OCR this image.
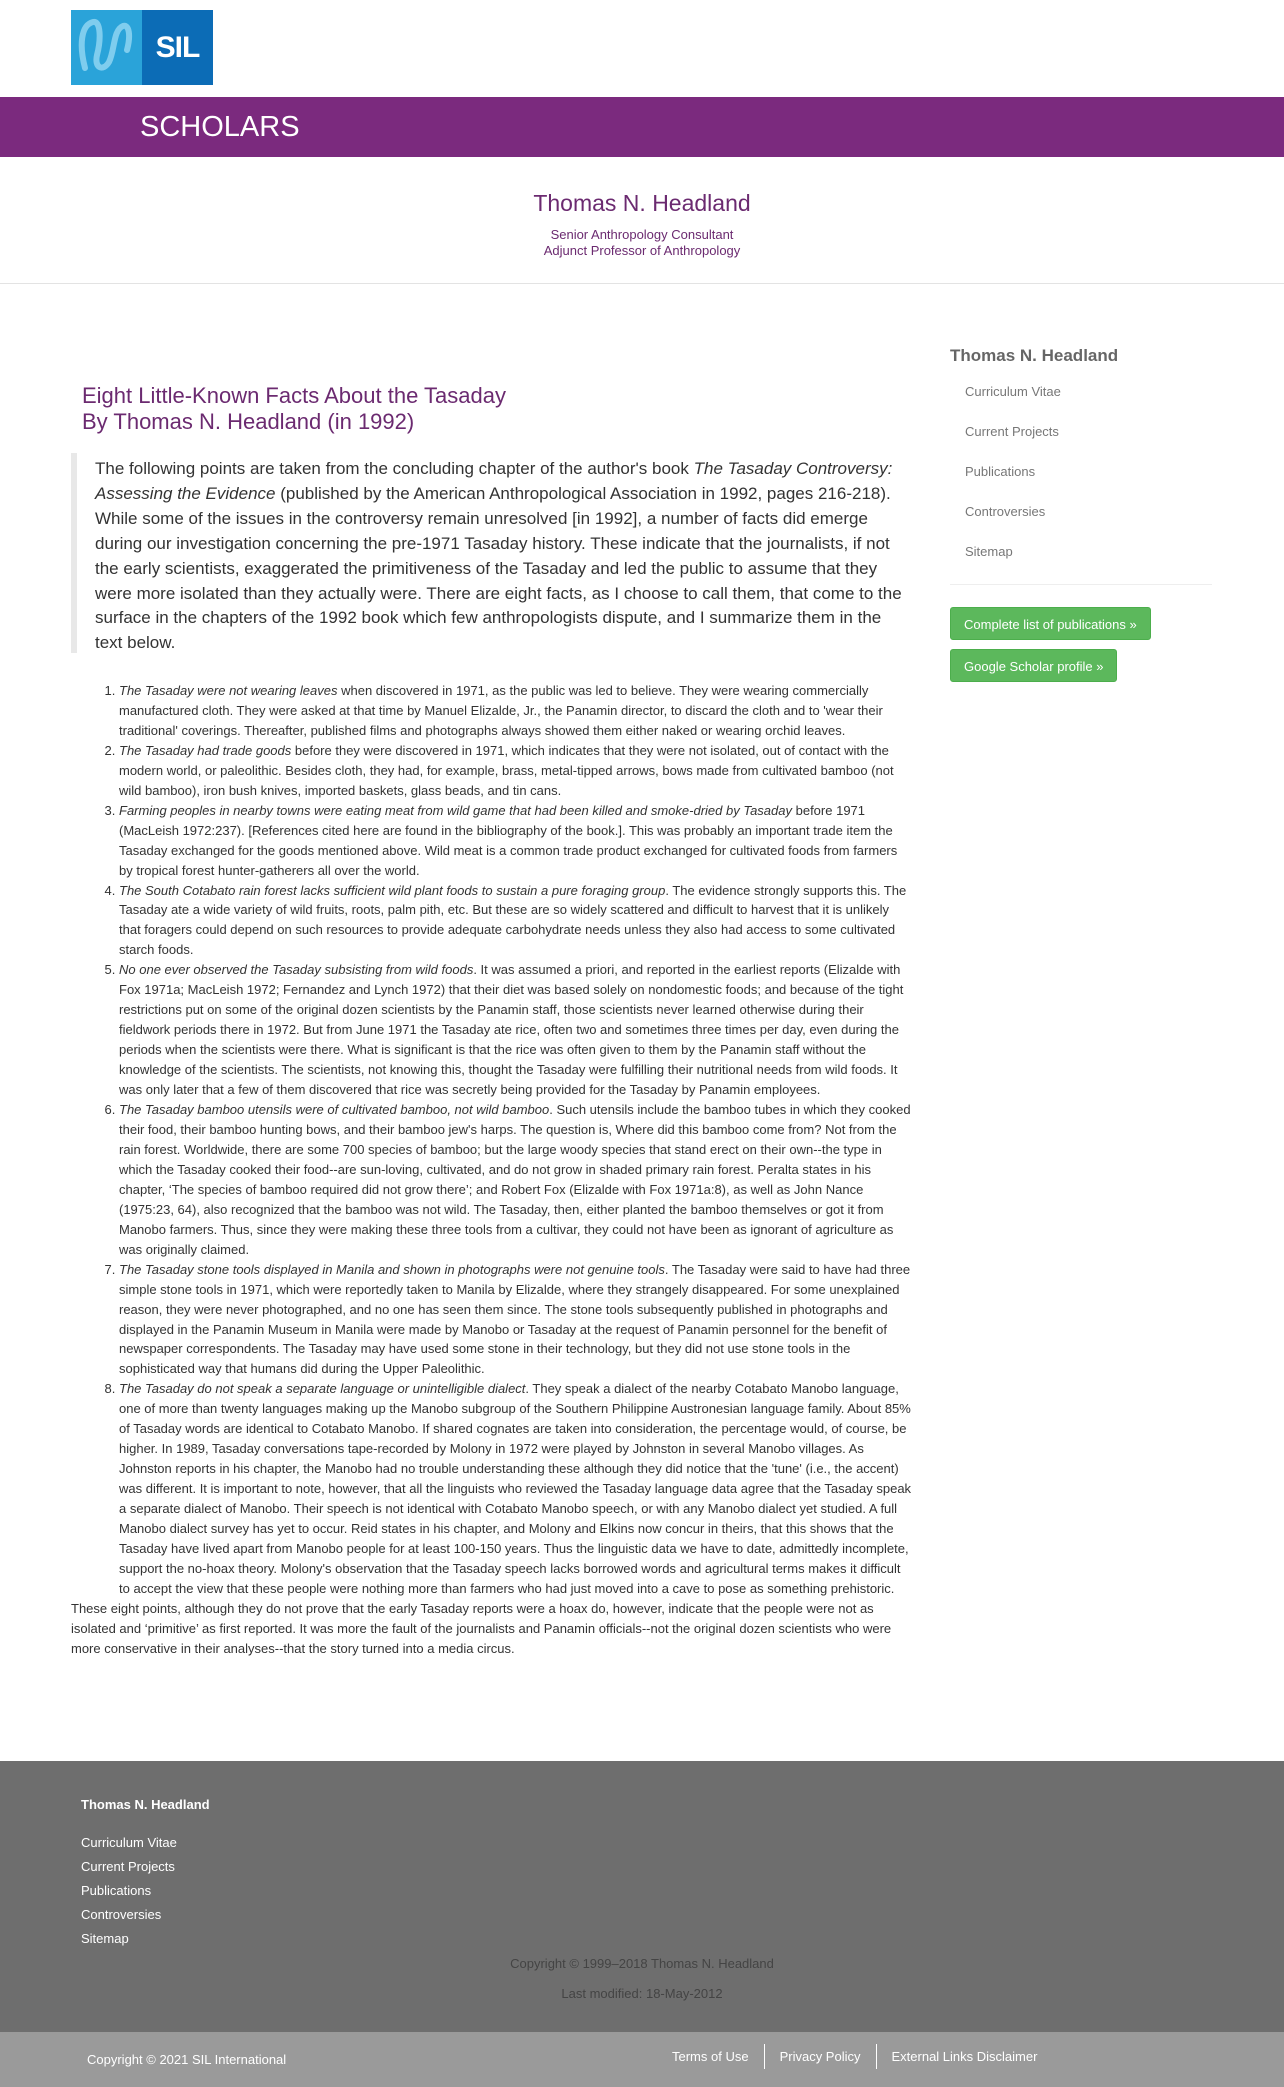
SIL
SCHOLARS
Thomas N. Headland
Senior Anthropology Consultant
Adjunct Professor of Anthropology
Eight Little-Known Facts About the Tasaday
By Thomas N. Headland (in 1992)
The following points are taken from the concluding chapter of the author's book The Tasaday Controversy: Assessing the Evidence (published by the American Anthropological Association in 1992, pages 216-218). While some of the issues in the controversy remain unresolved [in 1992], a number of facts did emerge during our investigation concerning the pre-1971 Tasaday history. These indicate that the journalists, if not the early scientists, exaggerated the primitiveness of the Tasaday and led the public to assume that they were more isolated than they actually were. There are eight facts, as I choose to call them, that come to the surface in the chapters of the 1992 book which few anthropologists dispute, and I summarize them in the text below.
1. The Tasaday were not wearing leaves when discovered in 1971, as the public was led to believe. They were wearing commercially manufactured cloth. They were asked at that time by Manuel Elizalde, Jr., the Panamin director, to discard the cloth and to 'wear their traditional' coverings. Thereafter, published films and photographs always showed them either naked or wearing orchid leaves.
2. The Tasaday had trade goods before they were discovered in 1971, which indicates that they were not isolated, out of contact with the modern world, or paleolithic. Besides cloth, they had, for example, brass, metal-tipped arrows, bows made from cultivated bamboo (not wild bamboo), iron bush knives, imported baskets, glass beads, and tin cans.
3. Farming peoples in nearby towns were eating meat from wild game that had been killed and smoke-dried by Tasaday before 1971 (MacLeish 1972:237). [References cited here are found in the bibliography of the book.]. This was probably an important trade item the Tasaday exchanged for the goods mentioned above. Wild meat is a common trade product exchanged for cultivated foods from farmers by tropical forest hunter-gatherers all over the world.
4. The South Cotabato rain forest lacks sufficient wild plant foods to sustain a pure foraging group. The evidence strongly supports this. The Tasaday ate a wide variety of wild fruits, roots, palm pith, etc. But these are so widely scattered and difficult to harvest that it is unlikely that foragers could depend on such resources to provide adequate carbohydrate needs unless they also had access to some cultivated starch foods.
5. No one ever observed the Tasaday subsisting from wild foods. It was assumed a priori, and reported in the earliest reports (Elizalde with Fox 1971a; MacLeish 1972; Fernandez and Lynch 1972) that their diet was based solely on nondomestic foods; and because of the tight restrictions put on some of the original dozen scientists by the Panamin staff, those scientists never learned otherwise during their fieldwork periods there in 1972. But from June 1971 the Tasaday ate rice, often two and sometimes three times per day, even during the periods when the scientists were there. What is significant is that the rice was often given to them by the Panamin staff without the knowledge of the scientists. The scientists, not knowing this, thought the Tasaday were fulfilling their nutritional needs from wild foods. It was only later that a few of them discovered that rice was secretly being provided for the Tasaday by Panamin employees.
6. The Tasaday bamboo utensils were of cultivated bamboo, not wild bamboo. Such utensils include the bamboo tubes in which they cooked their food, their bamboo hunting bows, and their bamboo jew's harps. The question is, Where did this bamboo come from? Not from the rain forest. Worldwide, there are some 700 species of bamboo; but the large woody species that stand erect on their own--the type in which the Tasaday cooked their food--are sun-loving, cultivated, and do not grow in shaded primary rain forest. Peralta states in his chapter, ‘The species of bamboo required did not grow there’; and Robert Fox (Elizalde with Fox 1971a:8), as well as John Nance (1975:23, 64), also recognized that the bamboo was not wild. The Tasaday, then, either planted the bamboo themselves or got it from Manobo farmers. Thus, since they were making these three tools from a cultivar, they could not have been as ignorant of agriculture as was originally claimed.
7. The Tasaday stone tools displayed in Manila and shown in photographs were not genuine tools. The Tasaday were said to have had three simple stone tools in 1971, which were reportedly taken to Manila by Elizalde, where they strangely disappeared. For some unexplained reason, they were never photographed, and no one has seen them since. The stone tools subsequently published in photographs and displayed in the Panamin Museum in Manila were made by Manobo or Tasaday at the request of Panamin personnel for the benefit of newspaper correspondents. The Tasaday may have used some stone in their technology, but they did not use stone tools in the sophisticated way that humans did during the Upper Paleolithic.
8. The Tasaday do not speak a separate language or unintelligible dialect. They speak a dialect of the nearby Cotabato Manobo language, one of more than twenty languages making up the Manobo subgroup of the Southern Philippine Austronesian language family. About 85% of Tasaday words are identical to Cotabato Manobo. If shared cognates are taken into consideration, the percentage would, of course, be higher. In 1989, Tasaday conversations tape-recorded by Molony in 1972 were played by Johnston in several Manobo villages. As Johnston reports in his chapter, the Manobo had no trouble understanding these although they did notice that the 'tune' (i.e., the accent) was different. It is important to note, however, that all the linguists who reviewed the Tasaday language data agree that the Tasaday speak a separate dialect of Manobo. Their speech is not identical with Cotabato Manobo speech, or with any Manobo dialect yet studied. A full Manobo dialect survey has yet to occur. Reid states in his chapter, and Molony and Elkins now concur in theirs, that this shows that the Tasaday have lived apart from Manobo people for at least 100-150 years. Thus the linguistic data we have to date, admittedly incomplete, support the no-hoax theory. Molony's observation that the Tasaday speech lacks borrowed words and agricultural terms makes it difficult to accept the view that these people were nothing more than farmers who had just moved into a cave to pose as something prehistoric.

These eight points, although they do not prove that the early Tasaday reports were a hoax do, however, indicate that the people were not as isolated and ‘primitive’ as first reported. It was more the fault of the journalists and Panamin officials--not the original dozen scientists who were more conservative in their analyses--that the story turned into a media circus.

Thomas N. Headland
Curriculum Vitae
Current Projects
Publications
Controversies
Sitemap
Complete list of publications »
Google Scholar profile »
Thomas N. Headland
Curriculum Vitae
Current Projects
Publications
Controversies
Sitemap
Copyright © 1999–2018 Thomas N. Headland
Last modified: 18-May-2012
Copyright © 2021 SIL International	Terms of Use	Privacy Policy	External Links Disclaimer
